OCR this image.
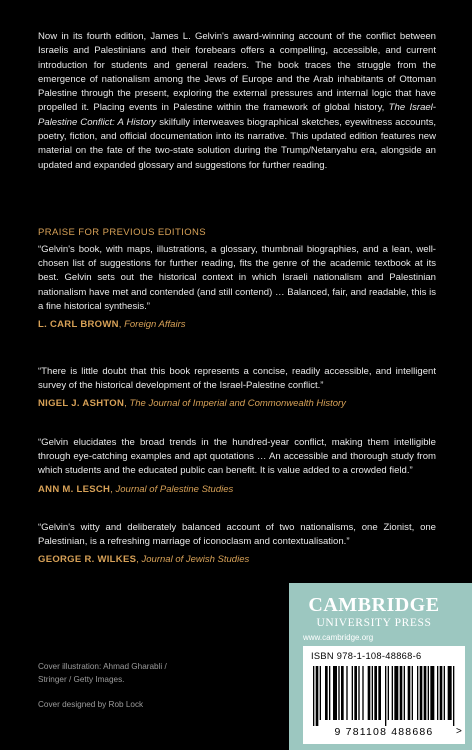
Now in its fourth edition, James L. Gelvin's award-winning account of the conflict between Israelis and Palestinians and their forebears offers a compelling, accessible, and current introduction for students and general readers. The book traces the struggle from the emergence of nationalism among the Jews of Europe and the Arab inhabitants of Ottoman Palestine through the present, exploring the external pressures and internal logic that have propelled it. Placing events in Palestine within the framework of global history, The Israel-Palestine Conflict: A History skilfully interweaves biographical sketches, eyewitness accounts, poetry, fiction, and official documentation into its narrative. This updated edition features new material on the fate of the two-state solution during the Trump/Netanyahu era, alongside an updated and expanded glossary and suggestions for further reading.

PRAISE FOR PREVIOUS EDITIONS

“Gelvin's book, with maps, illustrations, a glossary, thumbnail biographies, and a lean, well-chosen list of suggestions for further reading, fits the genre of the academic textbook at its best. Gelvin sets out the historical context in which Israeli nationalism and Palestinian nationalism have met and contended (and still contend) … Balanced, fair, and readable, this is a fine historical synthesis.”

L. CARL BROWN, Foreign Affairs

“There is little doubt that this book represents a concise, readily accessible, and intelligent survey of the historical development of the Israel-Palestine conflict.”

NIGEL J. ASHTON, The Journal of Imperial and Commonwealth History

“Gelvin elucidates the broad trends in the hundred-year conflict, making them intelligible through eye-catching examples and apt quotations … An accessible and thorough study from which students and the educated public can benefit. It is value added to a crowded field.”

ANN M. LESCH, Journal of Palestine Studies

“Gelvin's witty and deliberately balanced account of two nationalisms, one Zionist, one Palestinian, is a refreshing marriage of iconoclasm and contextualisation.”

GEORGE R. WILKES, Journal of Jewish Studies

Cover illustration: Ahmad Gharabli /
Stringer / Getty Images.

Cover designed by Rob Lock

CAMBRIDGE
UNIVERSITY PRESS
www.cambridge.org
ISBN 978-1-108-48868-6
9 781108 488686	>
